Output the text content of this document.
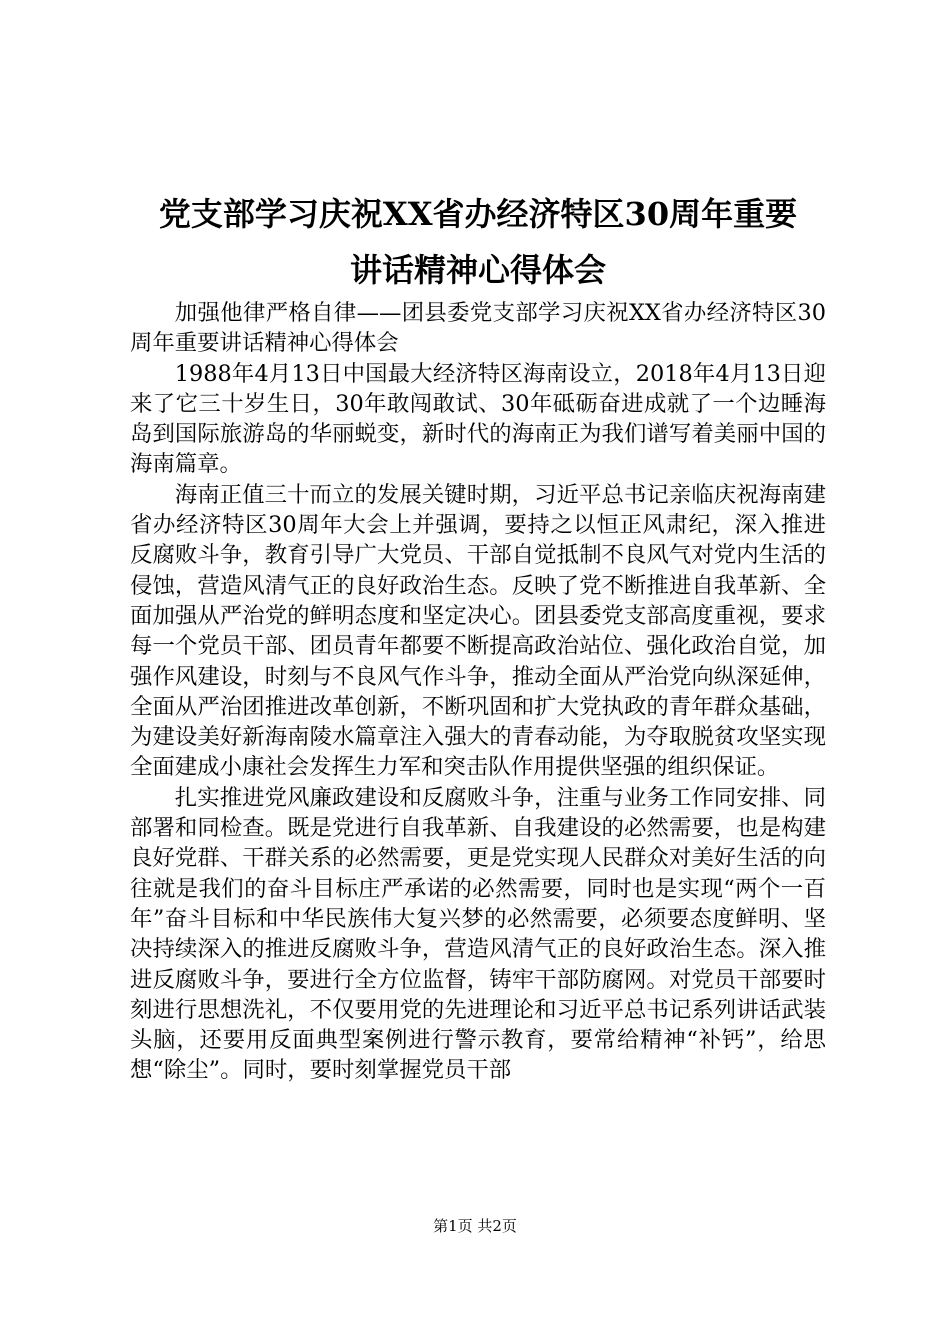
党支部学习庆祝XX省办经济特区30周年重要
讲话精神心得体会

加强他律严格自律——团县委党支部学习庆祝XX省办经济特区30周年重要讲话精神心得体会

1988年4月13日中国最大经济特区海南设立，2018年4月13日迎来了它三十岁生日，30年敢闯敢试、30年砥砺奋进成就了一个边睡海岛到国际旅游岛的华丽蜕变，新时代的海南正为我们谱写着美丽中国的海南篇章。

海南正值三十而立的发展关键时期，习近平总书记亲临庆祝海南建省办经济特区30周年大会上并强调，要持之以恒正风肃纪，深入推进反腐败斗争，教育引导广大党员、干部自觉抵制不良风气对党内生活的侵蚀，营造风清气正的良好政治生态。反映了党不断推进自我革新、全面加强从严治党的鲜明态度和坚定决心。团县委党支部高度重视，要求每一个党员干部、团员青年都要不断提高政治站位、强化政治自觉，加强作风建设，时刻与不良风气作斗争，推动全面从严治党向纵深延伸，全面从严治团推进改革创新，不断巩固和扩大党执政的青年群众基础，为建设美好新海南陵水篇章注入强大的青春动能，为夺取脱贫攻坚实现全面建成小康社会发挥生力军和突击队作用提供坚强的组织保证。

扎实推进党风廉政建设和反腐败斗争，注重与业务工作同安排、同部署和同检查。既是党进行自我革新、自我建设的必然需要，也是构建良好党群、干群关系的必然需要，更是党实现人民群众对美好生活的向往就是我们的奋斗目标庄严承诺的必然需要，同时也是实现“两个一百年”奋斗目标和中华民族伟大复兴梦的必然需要，必须要态度鲜明、坚决持续深入的推进反腐败斗争，营造风清气正的良好政治生态。深入推进反腐败斗争，要进行全方位监督，铸牢干部防腐网。对党员干部要时刻进行思想洗礼，不仅要用党的先进理论和习近平总书记系列讲话武装头脑，还要用反面典型案例进行警示教育，要常给精神“补钙”，给思想“除尘”。同时，要时刻掌握党员干部

第1页 共2页
